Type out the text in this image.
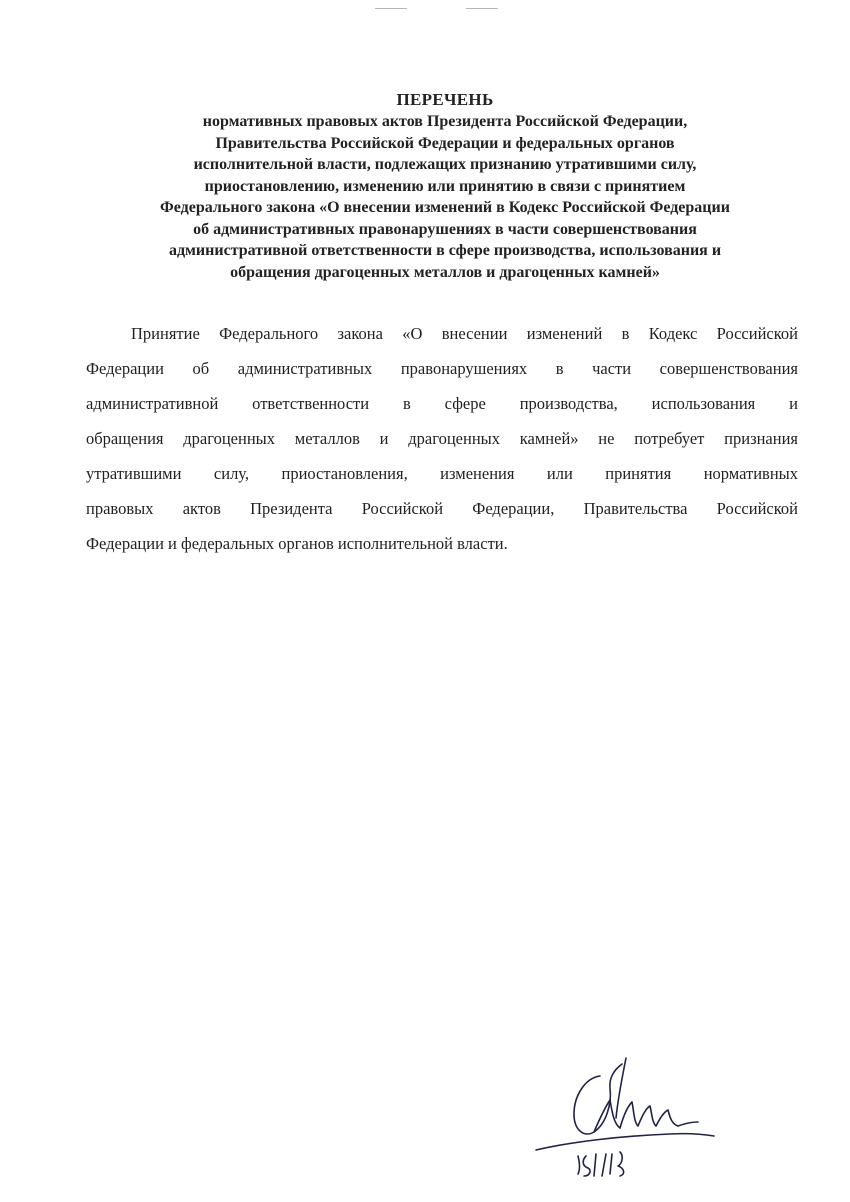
ПЕРЕЧЕНЬ
нормативных правовых актов Президента Российской Федерации,
Правительства Российской Федерации и федеральных органов
исполнительной власти, подлежащих признанию утратившими силу,
приостановлению, изменению или принятию в связи с принятием
Федерального закона «О внесении изменений в Кодекс Российской Федерации
об административных правонарушениях в части совершенствования
административной ответственности в сфере производства, использования и
обращения драгоценных металлов и драгоценных камней»
Принятие Федерального закона «О внесении изменений в Кодекс Российской
Федерации об административных правонарушениях в части совершенствования
административной ответственности в сфере производства, использования и
обращения драгоценных металлов и драгоценных камней» не потребует признания
утратившими силу, приостановления, изменения или принятия нормативных
правовых актов Президента Российской Федерации, Правительства Российской
Федерации и федеральных органов исполнительной власти.
15/11/18
